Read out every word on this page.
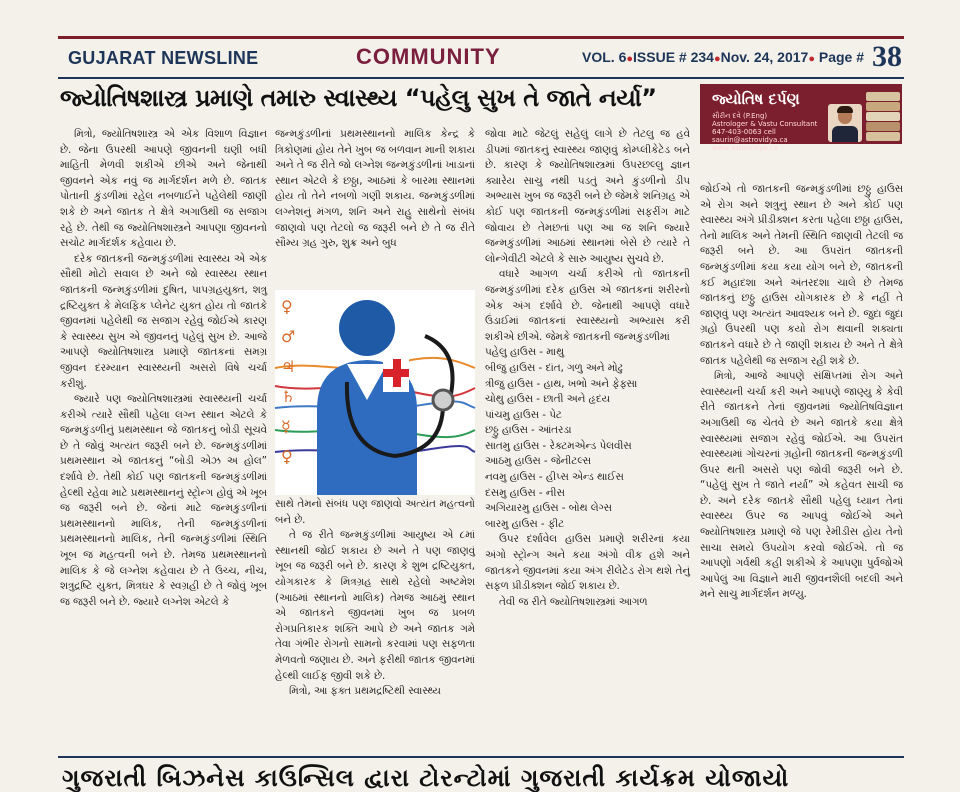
GUJARAT NEWSLINE	COMMUNITY	VOL. 6●ISSUE # 234●Nov. 24, 2017● Page # 38
જ્યોતિષશાસ્ત્ર પ્રમાણે તમારુ સ્વાસ્થ્ય “પહેલુ સુખ તે જાતે નર્યા”	જ્યોતિષ દર્પણ
સૌરીન દવે (P.Eng)
Astrologer & Vastu Consultant
647-403-0063 cell
saurin@astrovidya.ca
www.astrovidya.ca

મિત્રો, જ્યોતિષશાસ્ત્ર એ એક વિશાળ વિજ્ઞાન છે. જેના ઉપરથી આપણે જીવનની ઘણી બધી માહિતી મેળવી શકીએ છીએ અને જેનાથી જીવનને એક નવું જ માર્ગદર્શન મળે છે. જાતક પોતાની કુંડળીમાં રહેલ નબળાઈને પહેલેથી જાણી શકે છે અને જાતક તે ક્ષેત્રે અગાઉથી જ સજાગ રહે છે. તેથી જ જ્યોતિષશાસ્ત્રને આપણા જીવનનો સચોટ માર્ગદર્શક કહેવાય છે.

દરેક જાતકની જન્મકુંડળીમાં સ્વાસ્થ્ય એ એક સૌથી મોટો સવાલ છે અને જો સ્વાસ્થ્ય સ્થાન જાતકની જન્મકુંડળીમાં દુષિત, પાપગ્રહયુક્ત, શત્રુ દ્રષ્ટિયુક્ત કે મેલફિક પ્લેનેટ યુક્ત હોય તો જાતકે જીવનમાં પહેલેથી જ સજાગ રહેવું જોઈએ કારણ કે સ્વાસ્થ્ય સુખ એ જીવનનું પહેલું સુખ છે. આજે આપણે જ્યોતિષશાસ્ત્ર પ્રમાણે જાતકનાં સમગ્ર જીવન દરમ્યાન સ્વાસ્થ્યની અસરો વિષે ચર્ચા કરીશું.

જ્યારે પણ જ્યોતિષશાસ્ત્રમાં સ્વાસ્થ્યની ચર્ચા કરીએ ત્યારે સૌથી પહેલા લગ્ન સ્થાન એટલે કે જન્મકુંડળીનું પ્રથમસ્થાન જે જાતકનું બોડી સૂચવે છે તે જોવું અત્યંત જરૂરી બને છે. જન્મકુંડળીમાં પ્રથમસ્થાન એ જાતકનું “બોડી એઝ અ હોલ” દર્શાવે છે. તેથી કોઈ પણ જાતકની જન્મકુંડળીમાં હેલ્થી રહેવા માટે પ્રથમસ્થાનનું સ્ટ્રોન્ગ હોવું એ ખૂબ જ જરૂરી બને છે. જેનાં માટે જન્મકુંડળીનાં પ્રથમસ્થાનનો માલિક, તેની જન્મકુંડળીનાં પ્રથમસ્થાનનો માલિક, તેની જન્મકુંડળીમાં સ્થિતિ ખૂબ જ મહત્વની બને છે. તેમજ પ્રથમસ્થાનનો માલિક કે જે લગ્નેશ કહેવાય છે તે ઉચ્ચ, નીચ, શત્રુદ્રષ્ટિ યુક્ત, મિત્રઘર કે સ્વગ્રહી છે તે જોવું ખૂબ જ જરૂરી બને છે. જ્યારે લગ્નેશ એટલે કે

જન્મકુંડળીનાં પ્રથમસ્થાનનો માલિક કેન્દ્ર કે ત્રિકોણમાં હોય તેને ખુબ જ બળવાન માની શકાય અને તે જ રીતે જો લગ્નેશ જન્મકુંડળીનાં ખાડાનાં સ્થાન એટલે કે છઠ્ઠા, આઠમાં કે બારમા સ્થાનમાં હોય તો તેને નબળો ગણી શકાય. જન્મકુંડળીમાં લગ્નેશનું મંગળ, શનિ અને રાહુ સાથેનો સંબંધ જાણવો પણ તેટલો જ જરૂરી બને છે તે જ રીતે સૌમ્ય ગ્રહ ગુરુ, શુક્ર અને બુધ

♀
♂
♃
♄
☿
♀

સાથે તેમનો સંબંધ પણ જાણવો અત્યંત મહત્વનો બને છે.

તે જ રીતે જન્મકુંડળીમાં આયુષ્ય એ ૮માં સ્થાનથી જોઈ શકાય છે અને તે પણ જાણવું ખૂબ જ જરૂરી બને છે. કારણ કે શુભ દ્રષ્ટિયુક્ત, યોગકારક કે મિત્રગ્રહ સાથે રહેલો અષ્ટમેશ (આઠમાં સ્થાનનો માલિક) તેમજ આઠમું સ્થાન એ જાતકને જીવનમાં ખુબ જ પ્રબળ રોગપ્રતિકારક શક્તિ આપે છે અને જાતક ગમે તેવા ગંભીર રોગનો સામનો કરવામાં પણ સફળતા મેળવતો જણાય છે. અને ફરીથી જાતક જીવનમાં હેલ્થી લાઈફ જીવી શકે છે.

મિત્રો, આ ફક્ત પ્રથમદ્રષ્ટિથી સ્વાસ્થ્ય

જોવા માટે જેટલું સહેલું લાગે છે તેટલુ જ હવે ડીપમાં જાતકનું સ્વાસ્થ્ય જાણવું કોમ્પ્લીકેટેડ બને છે. કારણ કે જ્યોતિષશાસ્ત્રમાં ઉપરછલ્લુ જ્ઞાન ક્યારેય સાચુ નથી પડતું અને કુંડળીનો ડીપ અભ્યાસ ખુબ જ જરૂરી બને છે જેમકે શનિગ્રહ એ કોઈ પણ જાતકની જન્મકુંડળીમાં સફરીંગ માટે જોવાય છે તેમછતાં પણ આ જ શનિ જ્યારે જન્મકુંડળીમાં આઠમાં સ્થાનમાં બેસે છે ત્યારે તે લોન્ગેવીટી એટલે કે સારુ આયુષ્ય સુચવે છે.

વધારે આગળ ચર્ચા કરીએ તો જાતકની જન્મકુંડળીમાં દરેક હાઉસ એ જાતકનાં શરીરનો એક અંગ દર્શાવે છે. જેનાથી આપણે વધારે ઉંડાઈમાં જાતકનાં સ્વાસ્થ્યનો અભ્યાસ કરી શકીએ છીએ. જેમકે જાતકની જન્મકુંડળીમાં

પહેલુ હાઉસ - માથુ
બીજુ હાઉસ - દાંત, ગળુ અને મોઢુ
ત્રીજુ હાઉસ - હાથ, ખભો અને ફેફ્સા
ચોથુ હાઉસ - છાતી અને હૃદય
પાંચમુ હાઉસ - પેટ
છઠ્ઠુ હાઉસ - આંતરડા
સાતમુ હાઉસ - રેક્ટમએન્ડ પેલવીસ
આઠમુ હાઉસ - જેનીટલ્સ
નવમુ હાઉસ - હીપ્સ એન્ડ થાઈસ
દસમુ હાઉસ - નીસ
અગિયારમુ હાઉસ - બોથ લેગ્સ
બારમુ હાઉસ - ફીટ

ઉપર દર્શાવેલ હાઉસ પ્રમાણે શરીરનાં કયા અંગો સ્ટ્રોન્ગ અને કયા અંગો વીક હશે અને જાતકને જીવનમાં કયા અંગ રીલેટેડ રોગ થશે તેનું સફળ પ્રીડીક્શન જોઈ શકાય છે.

તેવી જ રીતે જ્યોતિષશાસ્ત્રમાં આગળ

જોઈએ તો જાતકની જન્મકુંડળીમાં છઠ્ઠુ હાઉસ એ રોગ અને શત્રુનું સ્થાન છે અને કોઈ પણ સ્વાસ્થ્ય અંગે પ્રીડીક્શન કરતા પહેલા છઠ્ઠા હાઉસ, તેનો માલિક અને તેમની સ્થિતિ જાણવી તેટલી જ જરૂરી બને છે. આ ઉપરાંત જાતકની જન્મકુંડળીમાં કયા કયા યોગ બને છે, જાતકની કઈ મહાદશા અને અંતરદશા ચાલે છે તેમજ જાતકનું છઠ્ઠુ હાઉસ યોગકારક છે કે નહીં તે જાણવું પણ અત્યંત આવશ્યક બને છે. જુદા જુદા ગ્રહો ઉપરથી પણ કયો રોગ થવાની શક્યતા જાતકને વધારે છે તે જાણી શકાય છે અને તે ક્ષેત્રે જાતક પહેલેથી જ સજાગ રહી શકે છે.

મિત્રો, આજે આપણે સંક્ષિપ્તમાં રોગ અને સ્વાસ્થ્યની ચર્ચા કરી અને આપણે જાણ્યુ કે કેવી રીતે જાતકને તેનાં જીવનમાં જ્યોતિષવિજ્ઞાન અગાઉથી જ ચેતવે છે અને જાતકે કયા ક્ષેત્રે સ્વાસ્થ્યમાં સજાગ રહેવું જોઈએ. આ ઉપરાંત સ્વાસ્થ્યમાં ગોચરનાં ગ્રહોની જાતકની જન્મકુંડળી ઉપર થતી અસરો પણ જોવી જરૂરી બને છે. “પહેલું સુખ તે જાતે નર્યા” એ કહેવત સાચી જ છે. અને દરેક જાતકે સૌથી પહેલુ ધ્યાન તેનાં સ્વાસ્થ્ય ઉપર જ આપવું જોઈએ અને જ્યોતિષશાસ્ત્ર પ્રમાણે જે પણ રેમીડીસ હોય તેનો સાચા સમયે ઉપયોગ કરવો જોઈએ. તો જ આપણો ગર્વથી કહી શકીએ કે આપણા પુર્વજોએ આપેલું આ વિજ્ઞાને મારી જીવનશૈલી બદલી અને મને સાચુ માર્ગદર્શન મળ્યુ.

ગુજરાતી બિઝનેસ કાઉન્સિલ દ્વારા ટોરન્ટોમાં ગુજરાતી કાર્યક્રમ યોજાયો
